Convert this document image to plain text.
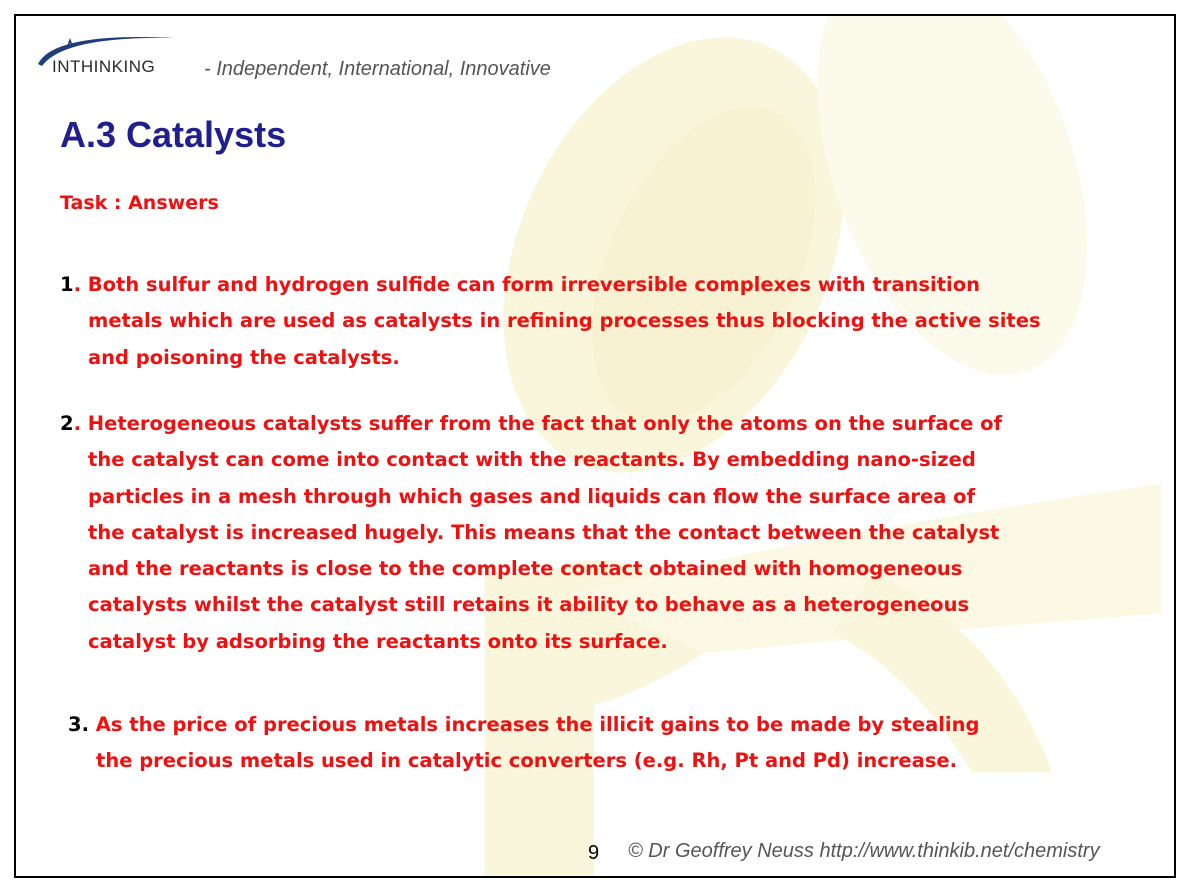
INTHINKING - Independent, International, Innovative
A.3 Catalysts
Task : Answers
1. Both sulfur and hydrogen sulfide can form irreversible complexes with transition
metals which are used as catalysts in refining processes thus blocking the active sites
and poisoning the catalysts.
2. Heterogeneous catalysts suffer from the fact that only the atoms on the surface of
the catalyst can come into contact with the reactants. By embedding nano-sized
particles in a mesh through which gases and liquids can flow the surface area of
the catalyst is increased hugely. This means that the contact between the catalyst
and the reactants is close to the complete contact obtained with homogeneous
catalysts whilst the catalyst still retains it ability to behave as a heterogeneous
catalyst by adsorbing the reactants onto its surface.
3. As the price of precious metals increases the illicit gains to be made by stealing
the precious metals used in catalytic converters (e.g. Rh, Pt and Pd) increase.
9 © Dr Geoffrey Neuss http://www.thinkib.net/chemistry
